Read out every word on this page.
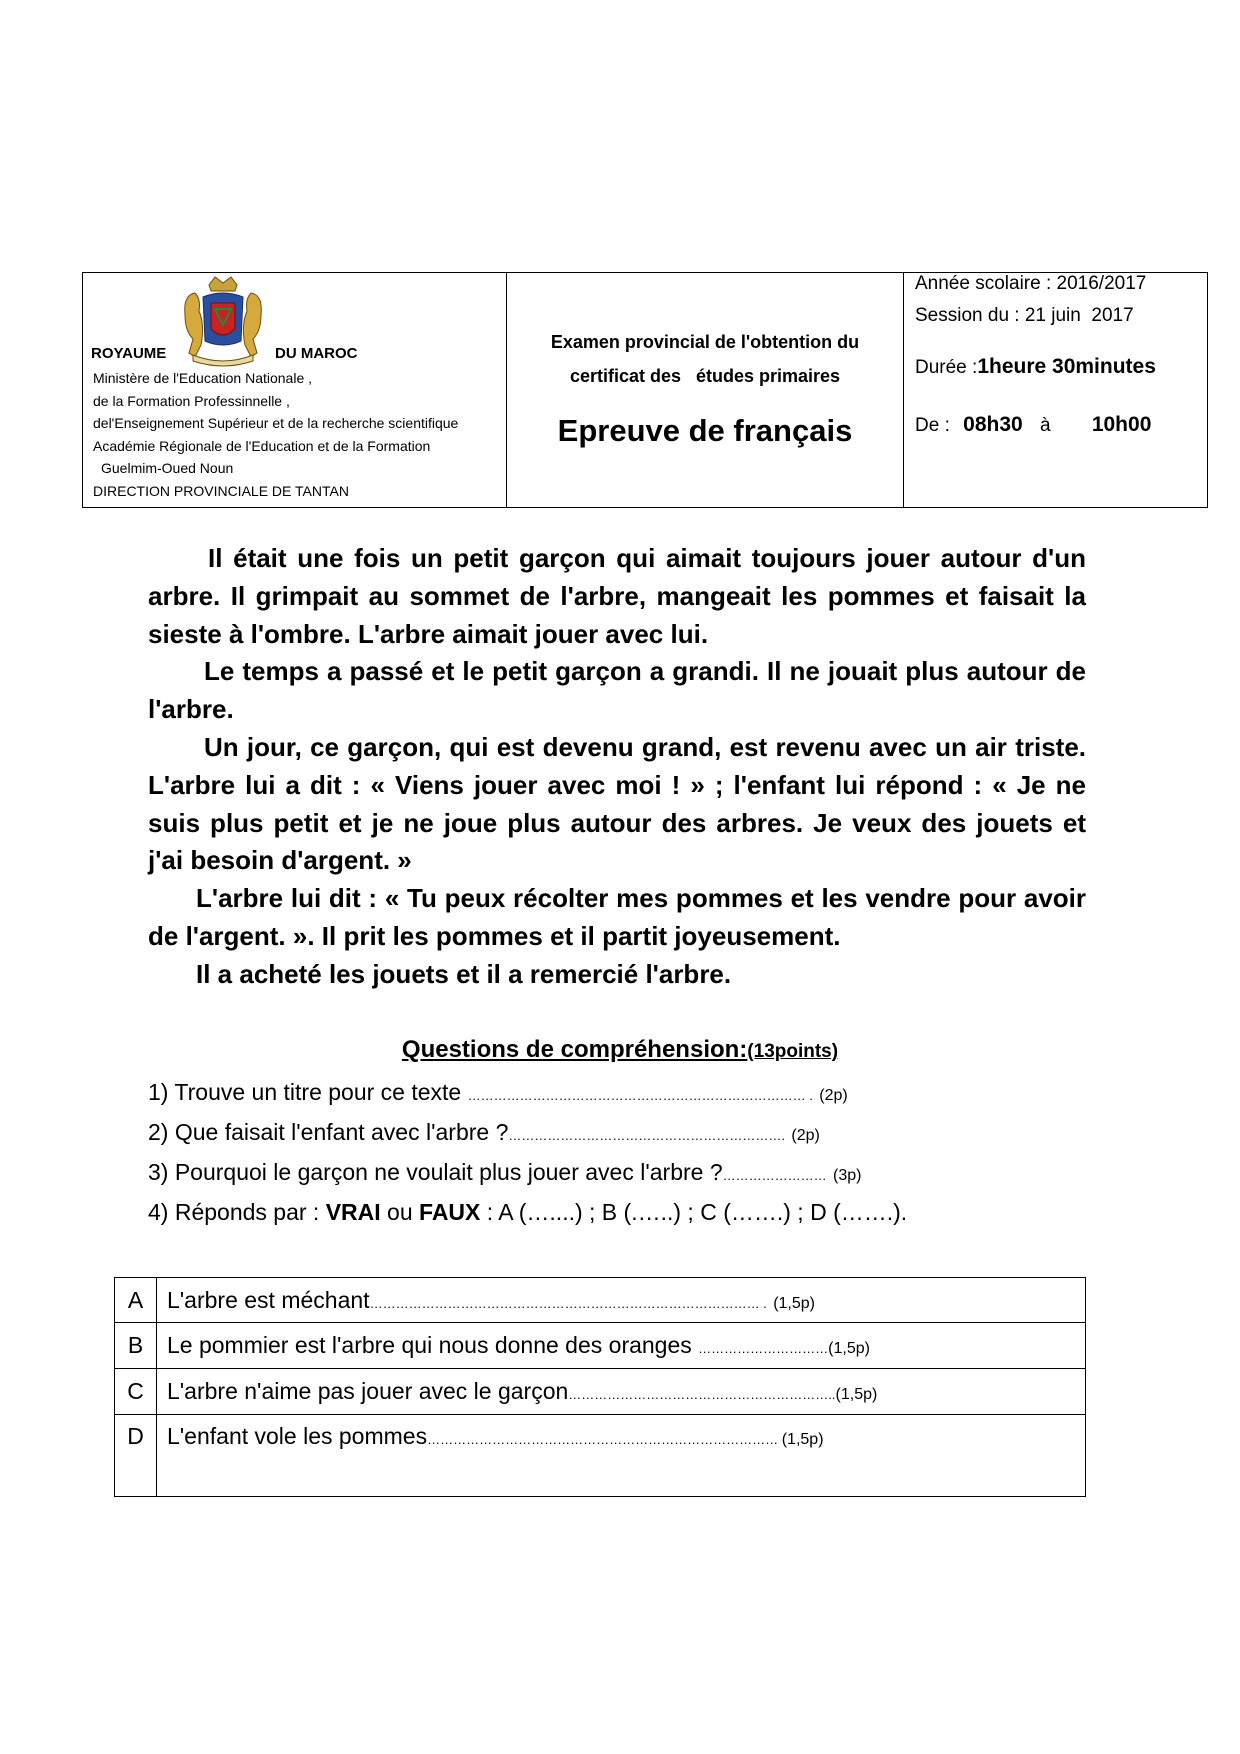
ROYAUME	DU MAROC
Ministère de l'Education Nationale ,
de la Formation Professinnelle ,
del'Enseignement Supérieur et de la recherche scientifique
Académie Régionale de l'Education et de la Formation
Guelmim-Oued Noun
DIRECTION PROVINCIALE DE TANTAN
Examen provincial de l'obtention du
certificat des   études primaires
Epreuve de français
Année scolaire : 2016/2017
Session du : 21 juin  2017
Durée :1heure 30minutes
De : 08h30 à 10h00

Il était une fois un petit garçon qui aimait toujours jouer autour d'un arbre. Il grimpait au sommet de l'arbre, mangeait les pommes et faisait la sieste à l'ombre. L'arbre aimait jouer avec lui.

Le temps a passé et le petit garçon a grandi. Il ne jouait plus autour de l'arbre.

Un jour, ce garçon, qui est devenu grand, est revenu avec un air triste. L'arbre lui a dit : « Viens jouer avec moi ! » ; l'enfant lui répond : « Je ne suis plus petit et je ne joue plus autour des arbres. Je veux des jouets et j'ai besoin d'argent. »

L'arbre lui dit : « Tu peux récolter mes pommes et les vendre pour avoir de l'argent. ». Il prit les pommes et il partit joyeusement.

Il a acheté les jouets et il a remercié l'arbre.

Questions de compréhension:(13points)
1) Trouve un titre pour ce texte …………………………………………………………………… . (2p)
2) Que faisait l'enfant avec l'arbre ?………………………………………………………. (2p)
3) Pourquoi le garçon ne voulait plus jouer avec l'arbre ?…………………… (3p)
4) Réponds par : VRAI ou FAUX : A (…....) ; B (.…..) ; C (…….) ; D (…….).
A	L'arbre est méchant……………………………………………………………………………… . (1,5p)
B	Le pommier est l'arbre qui nous donne des oranges …………………………(1,5p)
C	L'arbre n'aime pas jouer avec le garçon……………………………………………………..(1,5p)
D	L'enfant vole les pommes……………………………………………………………………… (1,5p)
